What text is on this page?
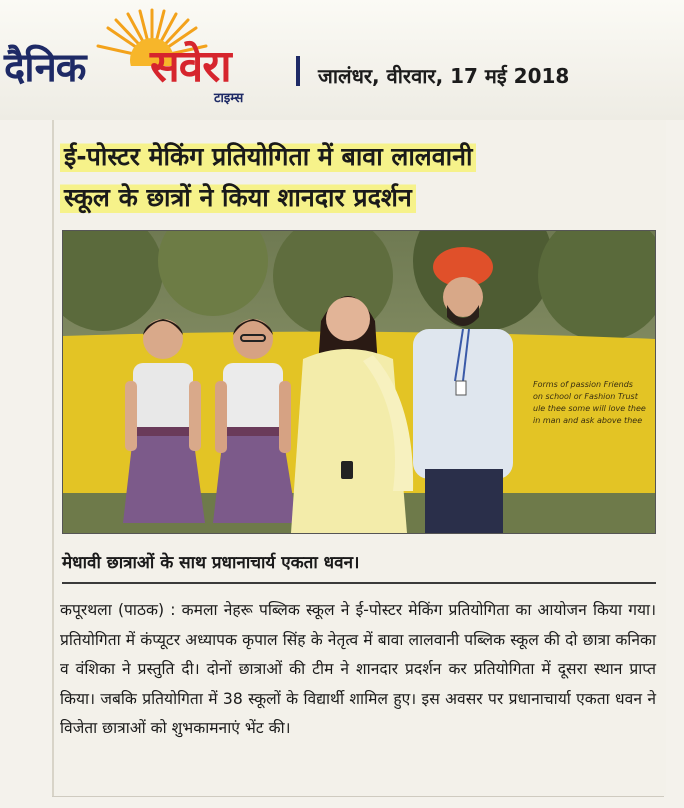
दैनिक सवेरा
टाइम्स
जालंधर, वीरवार, 17 मई 2018
ई-पोस्टर मेकिंग प्रतियोगिता में बावा लालवानी
स्कूल के छात्रों ने किया शानदार प्रदर्शन
Forms of passion Friends
on school or Fashion Trust
ule thee some will love thee
in man and ask above thee
मेधावी छात्राओं के साथ प्रधानाचार्य एकता धवन।

कपूरथला (पाठक) : कमला नेहरू पब्लिक स्कूल ने ई-पोस्टर मेकिंग प्रतियोगिता का आयोजन किया गया। प्रतियोगिता में कंप्यूटर अध्यापक कृपाल सिंह के नेतृत्व में बावा लालवानी पब्लिक स्कूल की दो छात्रा कनिका व वंशिका ने प्रस्तुति दी। दोनों छात्राओं की टीम ने शानदार प्रदर्शन कर प्रतियोगिता में दूसरा स्थान प्राप्त किया। जबकि प्रतियोगिता में 38 स्कूलों के विद्यार्थी शामिल हुए। इस अवसर पर प्रधानाचार्या एकता धवन ने विजेता छात्राओं को शुभकामनाएं भेंट की।
